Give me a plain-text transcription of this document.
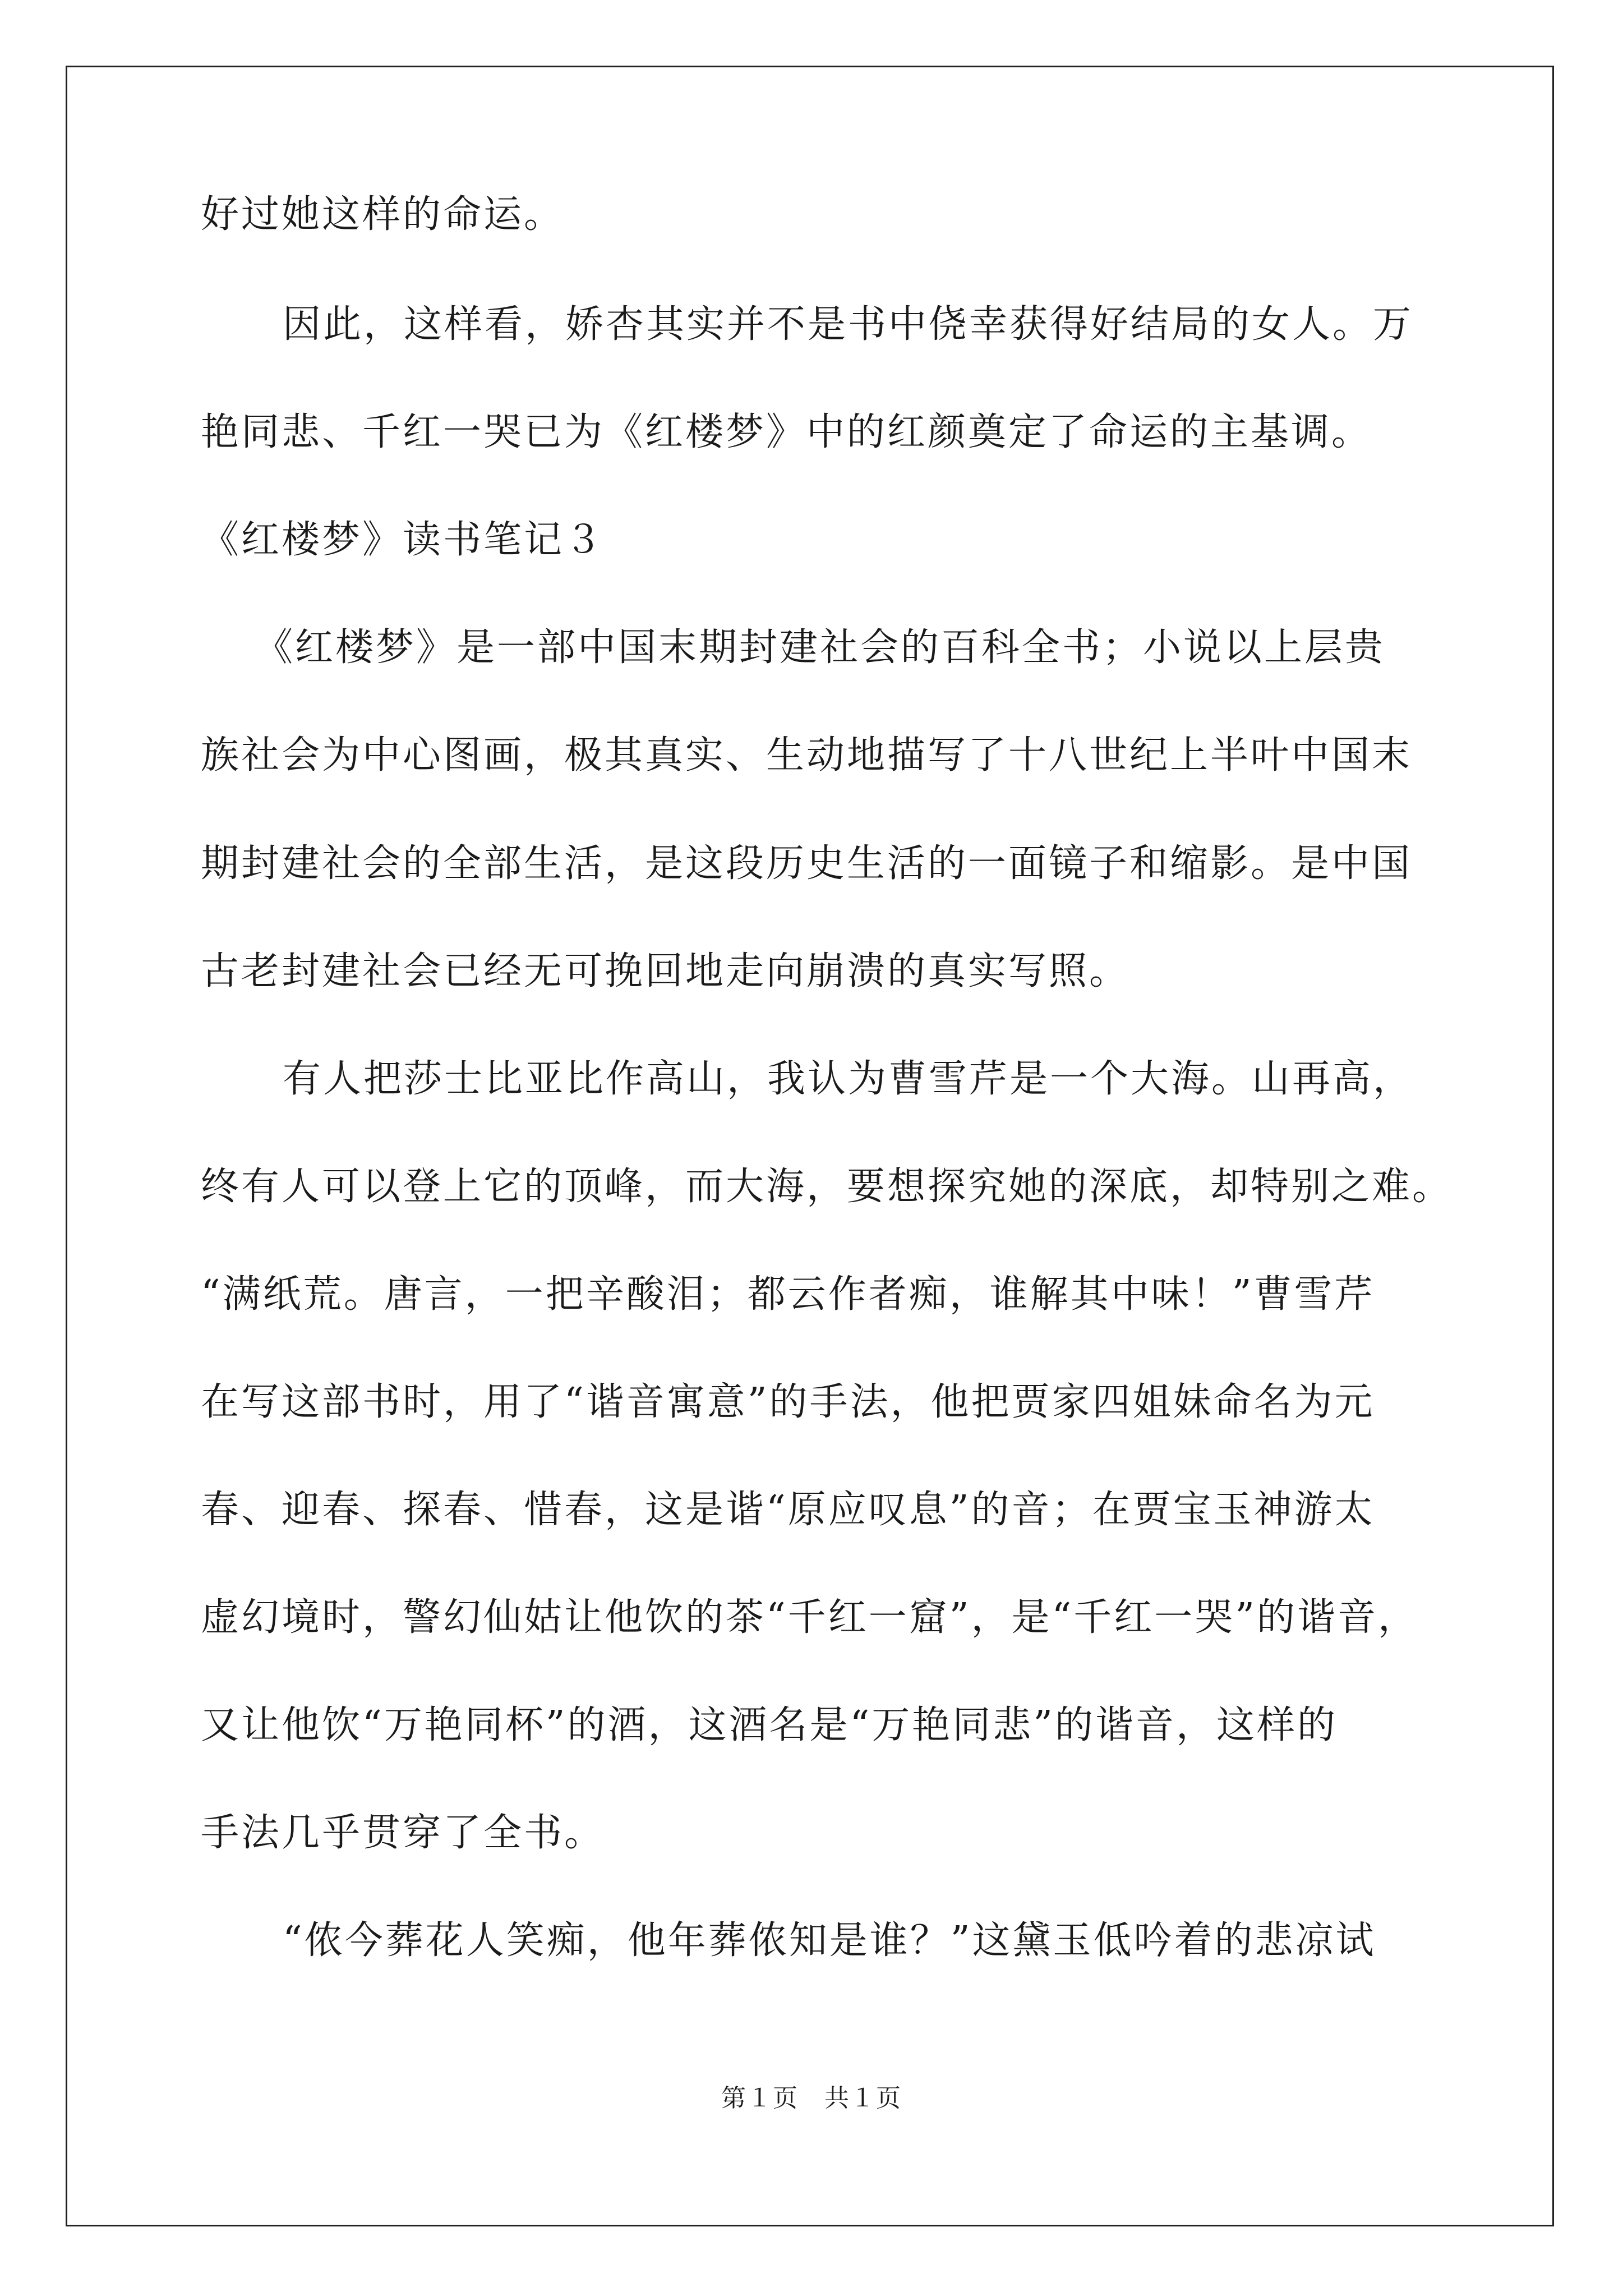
好过她这样的命运。
因此，这样看，娇杏其实并不是书中侥幸获得好结局的女人。万
艳同悲、千红一哭已为《红楼梦》中的红颜奠定了命运的主基调。
《红楼梦》读书笔记３
《红楼梦》是一部中国末期封建社会的百科全书；小说以上层贵
族社会为中心图画，极其真实、生动地描写了十八世纪上半叶中国末
期封建社会的全部生活，是这段历史生活的一面镜子和缩影。是中国
古老封建社会已经无可挽回地走向崩溃的真实写照。
有人把莎士比亚比作高山，我认为曹雪芹是一个大海。山再高，
终有人可以登上它的顶峰，而大海，要想探究她的深底，却特别之难。
“满纸荒。唐言，一把辛酸泪；都云作者痴，谁解其中味！”曹雪芹
在写这部书时，用了“谐音寓意”的手法，他把贾家四姐妹命名为元
春、迎春、探春、惜春，这是谐“原应叹息”的音；在贾宝玉神游太
虚幻境时，警幻仙姑让他饮的茶“千红一窟”，是“千红一哭”的谐音，
又让他饮“万艳同杯”的酒，这酒名是“万艳同悲”的谐音，这样的
手法几乎贯穿了全书。
“侬今葬花人笑痴，他年葬侬知是谁？”这黛玉低吟着的悲凉试
第１页　共１页
